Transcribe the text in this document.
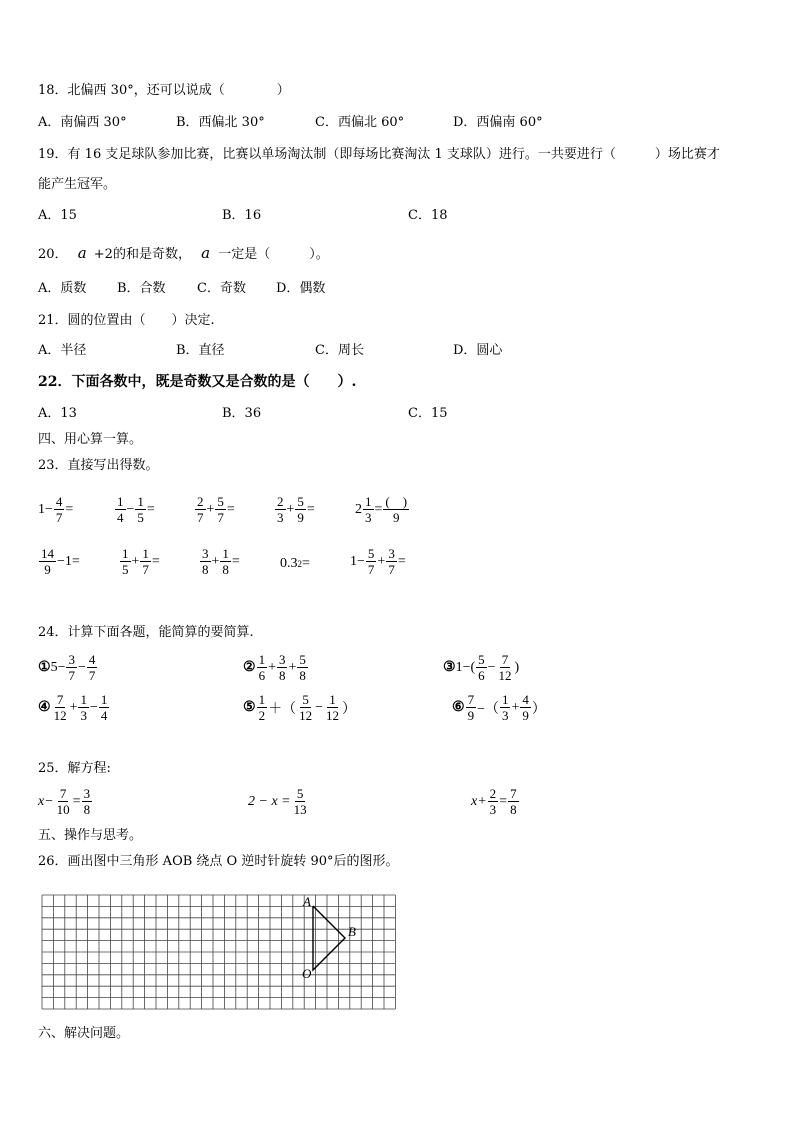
18．北偏西 30°，还可以说成（　　　　）
A．南偏西 30°	B．西偏北 30°	C．西偏北 60°	D．西偏南 60°
19．有 16 支足球队参加比赛，比赛以单场淘汰制（即每场比赛淘汰 1 支球队）进行。一共要进行（　　　）场比赛才
能产生冠军。
A．15	B．16	C．18
20． a +2的和是奇数， a 一定是（　　　）。
A．质数 B．合数 C．奇数 D．偶数
21．圆的位置由（　　）决定.
A．半径	B．直径	C．周长	D．圆心
22．下面各数中，既是奇数又是合数的是（　　）.
A．13	B．36	C．15
四、用心算一算。
23．直接写出得数。
$1- \frac{4}{7}$ =	$\frac{1}{4} - \frac{1}{5}$ =	$\frac{2}{7} + \frac{5}{7}$ =	$\frac{2}{3} + \frac{5}{9}$ =	$2 \frac{1}{3} = \frac{( )}{9}$
$\frac{14}{9} -1=$	$\frac{1}{5} + \frac{1}{7}$ =	$\frac{3}{8} + \frac{1}{8}$ =	0.3 2 =	$1- \frac{5}{7} + \frac{3}{7}$ =
24．计算下面各题，能简算的要简算.
① $5- \frac{3}{7} - \frac{4}{7}$	② $\frac{1}{6} + \frac{3}{8} + \frac{5}{8}$	③ $1-( \frac{5}{6} - \frac{7}{12}$ )
④ $\frac{7}{12} + \frac{1}{3} - \frac{1}{4}$	⑤ $\frac{1}{2}$ ＋（ $\frac{5}{12} - \frac{1}{12}$ ）	⑥ $\frac{7}{9}$ −（ $\frac{1}{3} + \frac{4}{9}$ ）
25．解方程:
$x- \frac{7}{10} = \frac{3}{8}$	$2 - x = \frac{5}{13}$	$x+ \frac{2}{3} = \frac{7}{8}$
五、操作与思考。
26．画出图中三角形 AOB 绕点 O 逆时针旋转 90°后的图形。
A
B
O
六、解决问题。
